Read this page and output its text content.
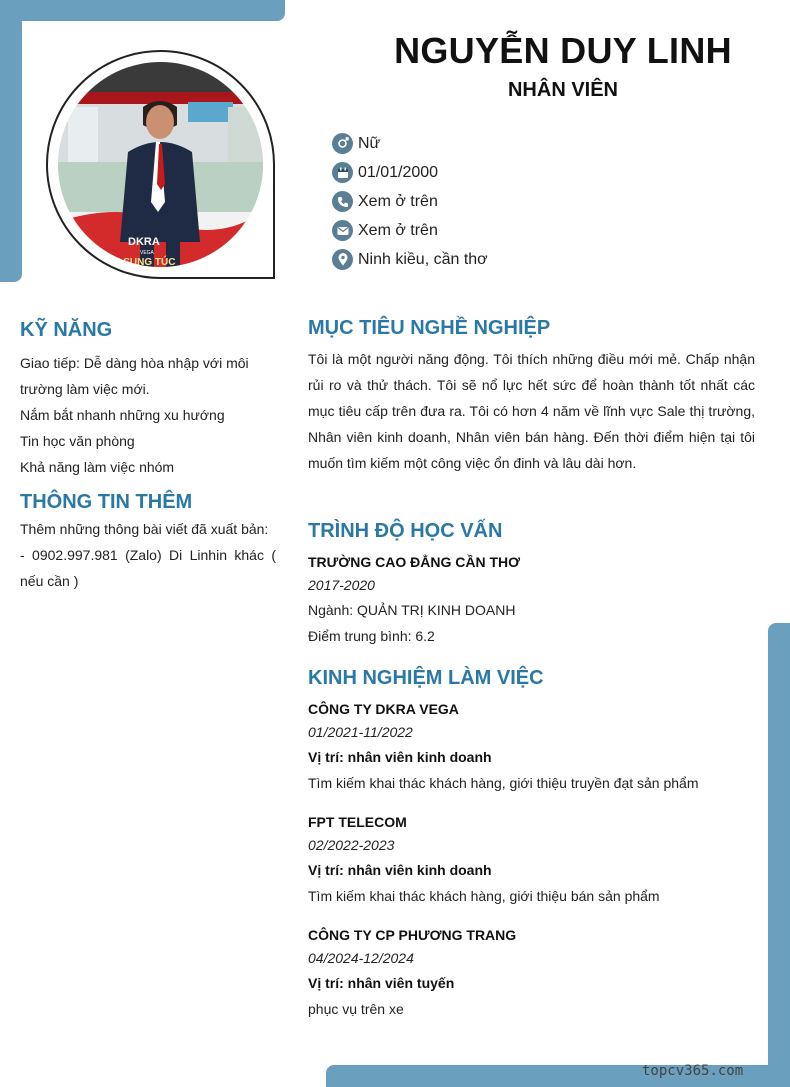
DKRA
VEGA
ẦN SUNG TÚC
NGUYỄN DUY LINH
NHÂN VIÊN
Nữ
01/01/2000
Xem ở trên
Xem ở trên
Ninh kiều, cần thơ
KỸ NĂNG
Giao tiếp: Dễ dàng hòa nhập với môi trường làm việc mới.
Nắm bắt nhanh những xu hướng
Tin học văn phòng
Khả năng làm việc nhóm
THÔNG TIN THÊM
Thêm những thông bài viết đã xuất bản:
- 0902.997.981 (Zalo) Di Linhin khác ( nếu cần )
MỤC TIÊU NGHỀ NGHIỆP
Tôi là một người năng động. Tôi thích những điều mới mẻ. Chấp nhận rủi ro và thử thách. Tôi sẽ nổ lực hết sức để hoàn thành tốt nhất các mục tiêu cấp trên đưa ra. Tôi có hơn 4 năm về lĩnh vực Sale thị trường, Nhân viên kinh doanh, Nhân viên bán hàng. Đến thời điểm hiện tại tôi muốn tìm kiếm một công việc ổn đinh và lâu dài hơn.
TRÌNH ĐỘ HỌC VẤN
TRƯỜNG CAO ĐẲNG CẦN THƠ
2017-2020
Ngành: QUẢN TRỊ KINH DOANH
Điểm trung bình: 6.2
KINH NGHIỆM LÀM VIỆC
CÔNG TY DKRA VEGA
01/2021-11/2022
Vị trí: nhân viên kinh doanh
Tìm kiếm khai thác khách hàng, giới thiệu truyền đạt sản phẩm
FPT TELECOM
02/2022-2023
Vị trí: nhân viên kinh doanh
Tìm kiếm khai thác khách hàng, giới thiệu bán sản phẩm
CÔNG TY CP PHƯƠNG TRANG
04/2024-12/2024
Vị trí: nhân viên tuyến
phục vụ trên xe
topcv365.com
